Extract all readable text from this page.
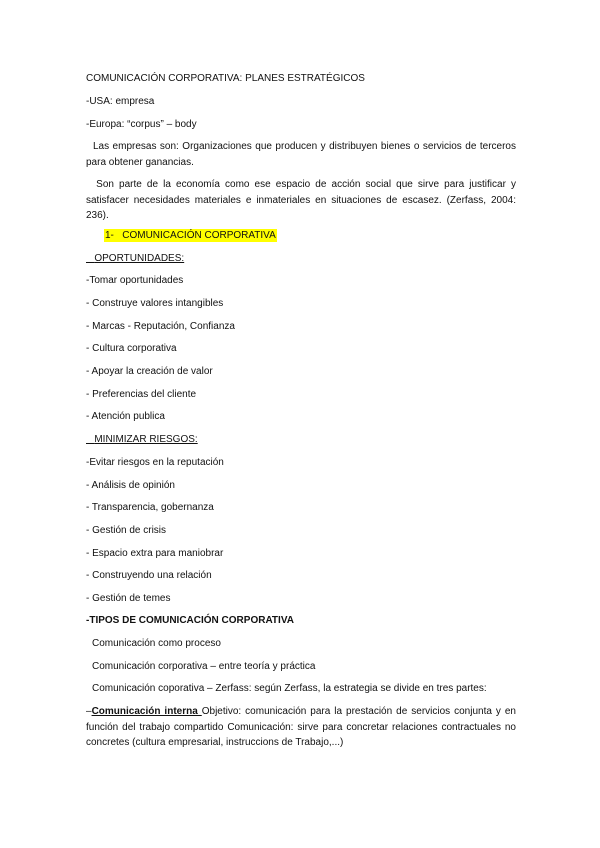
COMUNICACIÓN CORPORATIVA: PLANES ESTRATÉGICOS
-USA: empresa
-Europa: “corpus” – body
Las empresas son: Organizaciones que producen y distribuyen bienes o servicios de terceros para obtener ganancias.
Son parte de la economía como ese espacio de acción social que sirve para justificar y satisfacer necesidades materiales e inmateriales en situaciones de escasez. (Zerfass, 2004: 236).
1- COMUNICACIÓN CORPORATIVA
OPORTUNIDADES:
-Tomar oportunidades
- Construye valores intangibles
- Marcas - Reputación, Confianza
- Cultura corporativa
- Apoyar la creación de valor
- Preferencias del cliente
- Atención publica
MINIMIZAR RIESGOS:
-Evitar riesgos en la reputación
- Análisis de opinión
- Transparencia, gobernanza
- Gestión de crisis
- Espacio extra para maniobrar
- Construyendo una relación
- Gestión de temes
-TIPOS DE COMUNICACIÓN CORPORATIVA
Comunicación como proceso
Comunicación corporativa – entre teoría y práctica
Comunicación coporativa – Zerfass: según Zerfass, la estrategia se divide en tres partes:
–Comunicación interna Objetivo: comunicación para la prestación de servicios conjunta y en función del trabajo compartido Comunicación: sirve para concretar relaciones contractuales no concretes (cultura empresarial, instruccions de Trabajo,...)
